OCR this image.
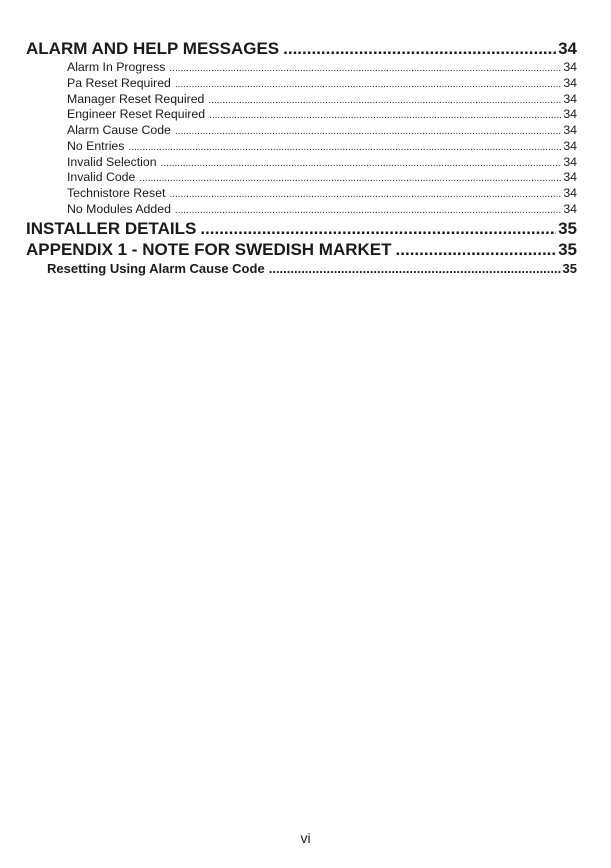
ALARM AND HELP MESSAGES .....	34
Alarm In Progress .....	34
Pa Reset Required .....	34
Manager Reset Required .....	34
Engineer Reset Required .....	34
Alarm Cause Code .....	34
No Entries .....	34
Invalid Selection .....	34
Invalid Code .....	34
Technistore Reset .....	34
No Modules Added .....	34
INSTALLER DETAILS .....	35
APPENDIX 1 - NOTE FOR SWEDISH MARKET .....	35
Resetting Using Alarm Cause Code .....	35
vi
